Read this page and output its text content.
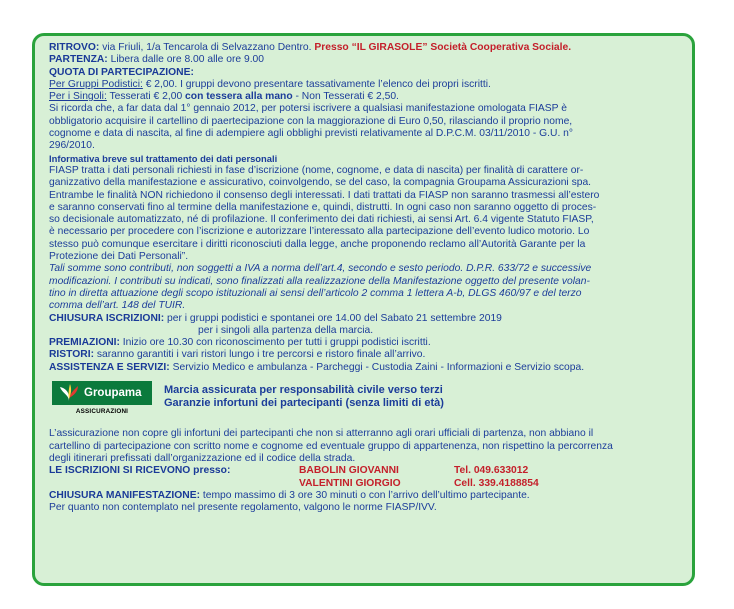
RITROVO: via Friuli, 1/a Tencarola di Selvazzano Dentro. Presso “IL GIRASOLE” Società Cooperativa Sociale.
PARTENZA: Libera dalle ore 8.00 alle ore 9.00
QUOTA DI PARTECIPAZIONE:
Per Gruppi Podistici: € 2,00. I gruppi devono presentare tassativamente l’elenco dei propri iscritti.
Per i Singoli: Tesserati € 2,00 con tessera alla mano - Non Tesserati € 2,50.
Si ricorda che, a far data dal 1° gennaio 2012, per potersi iscrivere a qualsiasi manifestazione omologata FIASP è
obbligatorio acquisire il cartellino di paertecipazione con la maggiorazione di Euro 0,50, rilasciando il proprio nome,
cognome e data di nascita, al fine di adempiere agli obblighi previsti relativamente al D.P.C.M. 03/11/2010 - G.U. n°
296/2010.
Informativa breve sul trattamento dei dati personali
FIASP tratta i dati personali richiesti in fase d’iscrizione (nome, cognome, e data di nascita) per finalità di carattere or-
ganizzativo della manifestazione e assicurativo, coinvolgendo, se del caso, la compagnia Groupama Assicurazioni spa.
Entrambe le finalità NON richiedono il consenso degli interessati. I dati trattati da FIASP non saranno trasmessi all’estero
e saranno conservati fino al termine della manifestazione e, quindi, distrutti. In ogni caso non saranno oggetto di proces-
so decisionale automatizzato, né di profilazione. Il conferimento dei dati richiesti, ai sensi Art. 6.4 vigente Statuto FIASP,
è necessario per procedere con l’iscrizione e autorizzare l’interessato alla partecipazione dell’evento ludico motorio. Lo
stesso può comunque esercitare i diritti riconosciuti dalla legge, anche proponendo reclamo all’Autorità Garante per la
Protezione dei Dati Personali”.
Tali somme sono contributi, non soggetti a IVA a norma dell’art.4, secondo e sesto periodo. D.P.R. 633/72 e successive
modificazioni. I contributi su indicati, sono finalizzati alla realizzazione della Manifestazione oggetto del presente volan-
tino in diretta attuazione degli scopo istituzionali ai sensi dell’articolo 2 comma 1 lettera A-b, DLGS 460/97 e del terzo
comma dell’art. 148 del TUIR.
CHIUSURA ISCRIZIONI: per i gruppi podistici e spontanei ore 14.00 del Sabato 21 settembre 2019
per i singoli alla partenza della marcia.
PREMIAZIONI: Inizio ore 10.30 con riconoscimento per tutti i gruppi podistici iscritti.
RISTORI: saranno garantiti i vari ristori lungo i tre percorsi e ristoro finale all’arrivo.
ASSISTENZA E SERVIZI: Servizio Medico e ambulanza - Parcheggi - Custodia Zaini - Informazioni e Servizio scopa.
Groupama
ASSICURAZIONI
Marcia assicurata per responsabilità civile verso terzi
Garanzie infortuni dei partecipanti (senza limiti di età)
L’assicurazione non copre gli infortuni dei partecipanti che non si atterranno agli orari ufficiali di partenza, non abbiano il
cartellino di partecipazione con scritto nome e cognome ed eventuale gruppo di appartenenza, non rispettino la percorrenza
degli itinerari prefissati dall’organizzazione ed il codice della strada.
LE ISCRIZIONI SI RICEVONO presso:	BABOLIN GIOVANNI	Tel. 049.633012
VALENTINI GIORGIO	Cell. 339.4188854
CHIUSURA MANIFESTAZIONE: tempo massimo di 3 ore 30 minuti o con l’arrivo dell’ultimo partecipante.
Per quanto non contemplato nel presente regolamento, valgono le norme FIASP/IVV.
